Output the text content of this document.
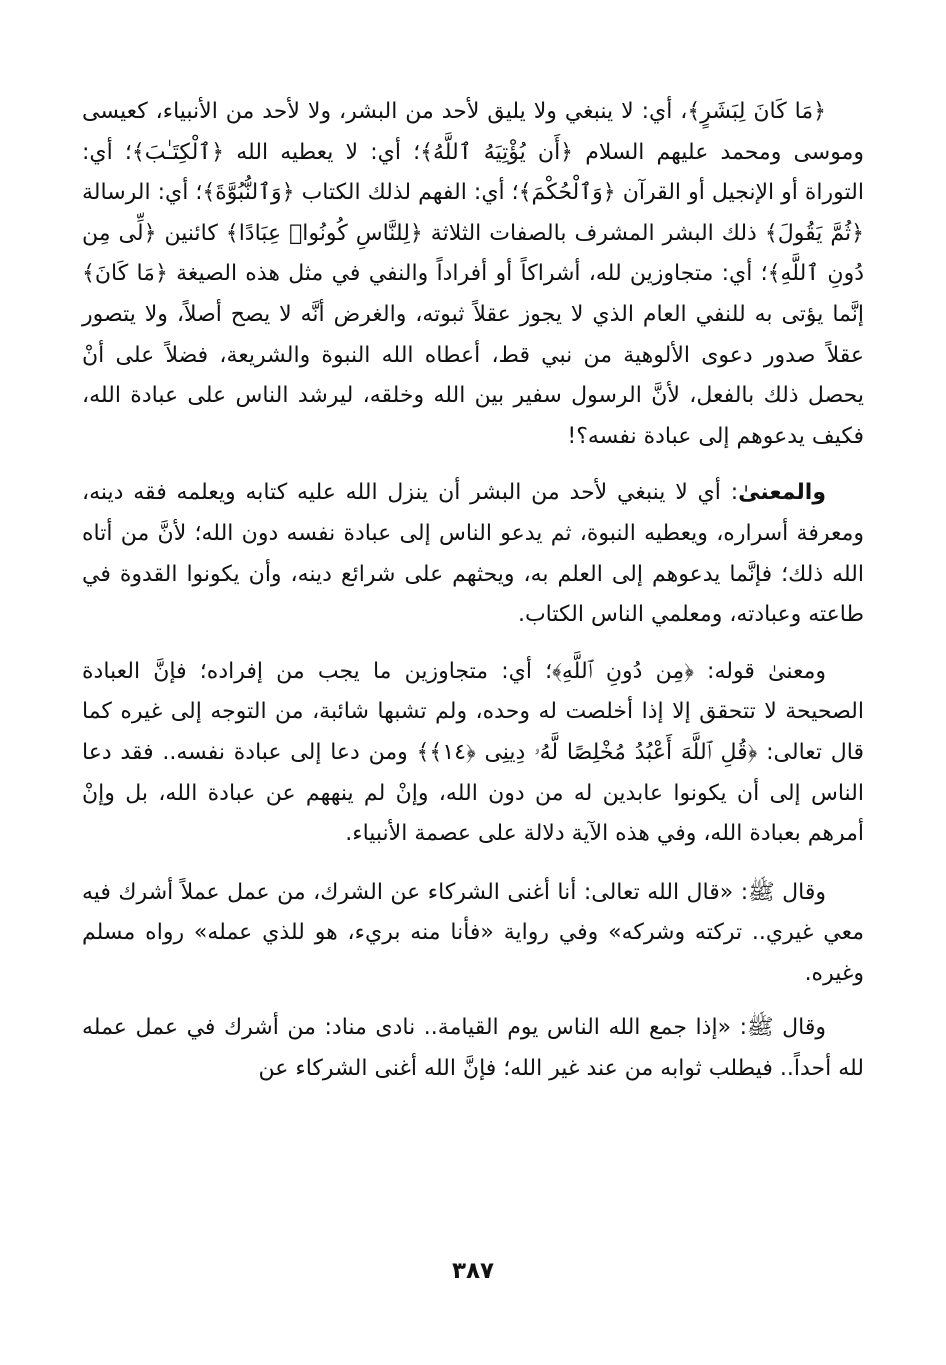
﴿مَا كَانَ لِبَشَرٍ﴾، أي: لا ينبغي ولا يليق لأحد من البشر، ولا لأحد من الأنبياء، كعيسى وموسى ومحمد عليهم السلام ﴿أَن يُؤْتِيَهُ ٱللَّهُ﴾؛ أي: لا يعطيه الله ﴿ٱلْكِتَـٰبَ﴾؛ أي: التوراة أو الإنجيل أو القرآن ﴿وَٱلْحُكْمَ﴾؛ أي: الفهم لذلك الكتاب ﴿وَٱلنُّبُوَّةَ﴾؛ أي: الرسالة ﴿ثُمَّ يَقُولَ﴾ ذلك البشر المشرف بالصفات الثلاثة ﴿لِلنَّاسِ كُونُوا۟ عِبَادًا﴾ كائنين ﴿لِّى مِن دُونِ ٱللَّهِ﴾؛ أي: متجاوزين لله، أشراكاً أو أفراداً والنفي في مثل هذه الصيغة ﴿مَا كَانَ﴾ إنَّما يؤتى به للنفي العام الذي لا يجوز عقلاً ثبوته، والغرض أنَّه لا يصح أصلاً، ولا يتصور عقلاً صدور دعوى الألوهية من نبي قط، أعطاه الله النبوة والشريعة، فضلاً على أنْ يحصل ذلك بالفعل، لأنَّ الرسول سفير بين الله وخلقه، ليرشد الناس على عبادة الله، فكيف يدعوهم إلى عبادة نفسه؟!

والمعنىٰ: أي لا ينبغي لأحد من البشر أن ينزل الله عليه كتابه ويعلمه فقه دينه، ومعرفة أسراره، ويعطيه النبوة، ثم يدعو الناس إلى عبادة نفسه دون الله؛ لأنَّ من أتاه الله ذلك؛ فإنَّما يدعوهم إلى العلم به، ويحثهم على شرائع دينه، وأن يكونوا القدوة في طاعته وعبادته، ومعلمي الناس الكتاب.

ومعنىٰ قوله: ﴿مِن دُونِ ٱللَّهِ﴾؛ أي: متجاوزين ما يجب من إفراده؛ فإنَّ العبادة الصحيحة لا تتحقق إلا إذا أخلصت له وحده، ولم تشبها شائبة، من التوجه إلى غيره كما قال تعالى: ﴿قُلِ ٱللَّهَ أَعْبُدُ مُخْلِصًا لَّهُۥ دِينِى ﴿١٤﴾﴾ ومن دعا إلى عبادة نفسه.. فقد دعا الناس إلى أن يكونوا عابدين له من دون الله، وإنْ لم ينههم عن عبادة الله، بل وإنْ أمرهم بعبادة الله، وفي هذه الآية دلالة على عصمة الأنبياء.

وقال ﷺ: «قال الله تعالى: أنا أغنى الشركاء عن الشرك، من عمل عملاً أشرك فيه معي غيري.. تركته وشركه» وفي رواية «فأنا منه بريء، هو للذي عمله» رواه مسلم وغيره.

وقال ﷺ: «إذا جمع الله الناس يوم القيامة.. نادى مناد: من أشرك في عمل عمله لله أحداً.. فيطلب ثوابه من عند غير الله؛ فإنَّ الله أغنى الشركاء عن

٣٨٧
